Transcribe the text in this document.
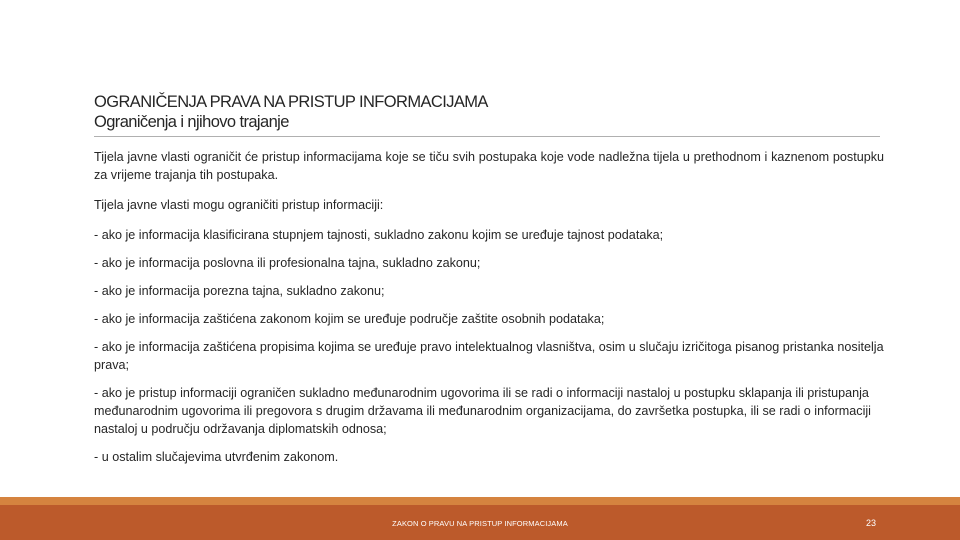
OGRANIČENJA PRAVA NA PRISTUP INFORMACIJAMA
Ograničenja i njihovo trajanje

Tijela javne vlasti ograničit će pristup informacijama koje se tiču svih postupaka koje vode nadležna tijela u prethodnom i kaznenom postupku za vrijeme trajanja tih postupaka.

Tijela javne vlasti mogu ograničiti pristup informaciji:

- ako je informacija klasificirana stupnjem tajnosti, sukladno zakonu kojim se uređuje tajnost podataka;

- ako je informacija poslovna ili profesionalna tajna, sukladno zakonu;

- ako je informacija porezna tajna, sukladno zakonu;

- ako je informacija zaštićena zakonom kojim se uređuje područje zaštite osobnih podataka;

- ako je informacija zaštićena propisima kojima se uređuje pravo intelektualnog vlasništva, osim u slučaju izričitoga pisanog pristanka nositelja prava;

- ako je pristup informaciji ograničen sukladno međunarodnim ugovorima ili se radi o informaciji nastaloj u postupku sklapanja ili pristupanja međunarodnim ugovorima ili pregovora s drugim državama ili međunarodnim organizacijama, do završetka postupka, ili se radi o informaciji nastaloj u području održavanja diplomatskih odnosa;

- u ostalim slučajevima utvrđenim zakonom.

ZAKON O PRAVU NA PRISTUP INFORMACIJAMA	23
